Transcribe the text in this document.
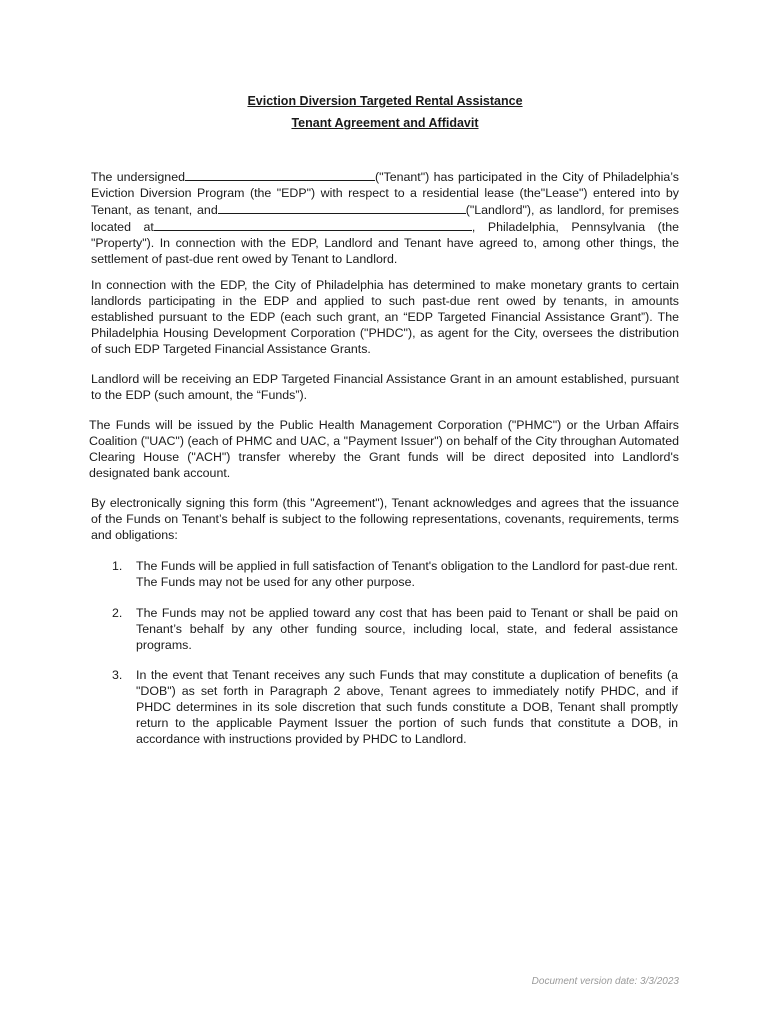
Eviction Diversion Targeted Rental Assistance
Tenant Agreement and Affidavit
The undersigned	("Tenant") has participated in the City of Philadelphia’s Eviction Diversion Program (the "EDP") with respect to a residential lease (the"Lease") entered into by Tenant, as tenant, and	("Landlord"), as landlord, for premises located at	, Philadelphia, Pennsylvania (the "Property"). In connection with the EDP, Landlord and Tenant have agreed to, among other things, the settlement of past-due rent owed by Tenant to Landlord.
In connection with the EDP, the City of Philadelphia has determined to make monetary grants to certain landlords participating in the EDP and applied to such past-due rent owed by tenants, in amounts established pursuant to the EDP (each such grant, an “EDP Targeted Financial Assistance Grant”). The Philadelphia Housing Development Corporation ("PHDC"), as agent for the City, oversees the distribution of such EDP Targeted Financial Assistance Grants.
Landlord will be receiving an EDP Targeted Financial Assistance Grant in an amount established, pursuant to the EDP (such amount, the “Funds”).
The Funds will be issued by the Public Health Management Corporation ("PHMC") or the Urban Affairs Coalition ("UAC") (each of PHMC and UAC, a "Payment Issuer") on behalf of the City throughan Automated Clearing House ("ACH") transfer whereby the Grant funds will be direct deposited into Landlord's designated bank account.
By electronically signing this form (this "Agreement"), Tenant acknowledges and agrees that the issuance of the Funds on Tenant’s behalf is subject to the following representations, covenants, requirements, terms and obligations:
1. The Funds will be applied in full satisfaction of Tenant's obligation to the Landlord for past-due rent. The Funds may not be used for any other purpose.
2. The Funds may not be applied toward any cost that has been paid to Tenant or shall be paid on Tenant’s behalf by any other funding source, including local, state, and federal assistance programs.
3. In the event that Tenant receives any such Funds that may constitute a duplication of benefits (a "DOB") as set forth in Paragraph 2 above, Tenant agrees to immediately notify PHDC, and if PHDC determines in its sole discretion that such funds constitute a DOB, Tenant shall promptly return to the applicable Payment Issuer the portion of such funds that constitute a DOB, in accordance with instructions provided by PHDC to Landlord.
Document version date: 3/3/2023
